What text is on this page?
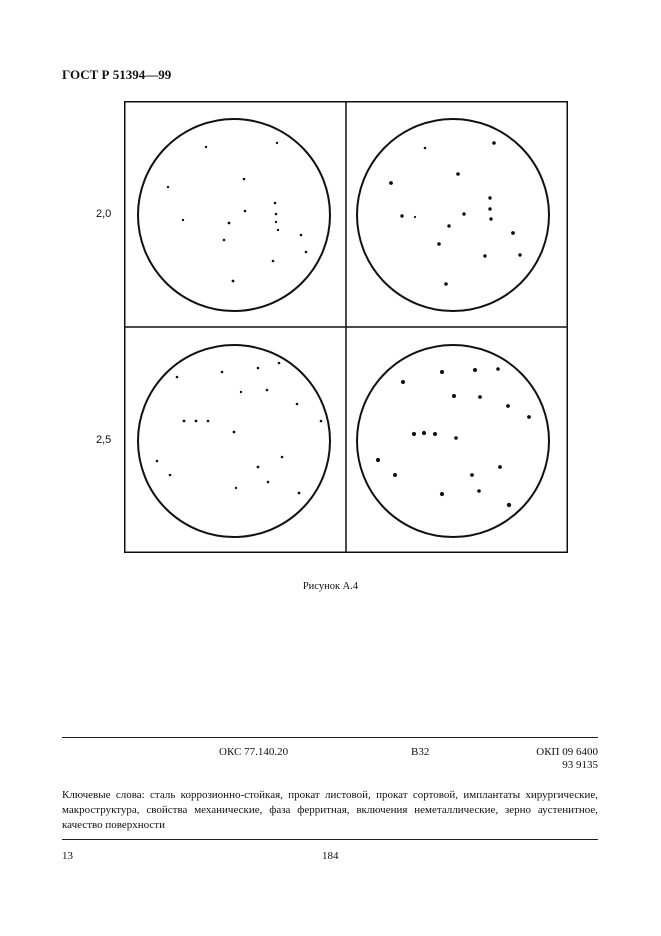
ГОСТ Р 51394—99
2,0
2,5
Рисунок А.4
ОКС 77.140.20	В32	ОКП 09 6400
93 9135
Ключевые слова: сталь коррозионно-стойкая, прокат листовой, прокат сортовой, имплантаты хирургические, макроструктура, свойства механические, фаза ферритная, включения неметаллические, зерно аустенитное, качество поверхности
13	184
